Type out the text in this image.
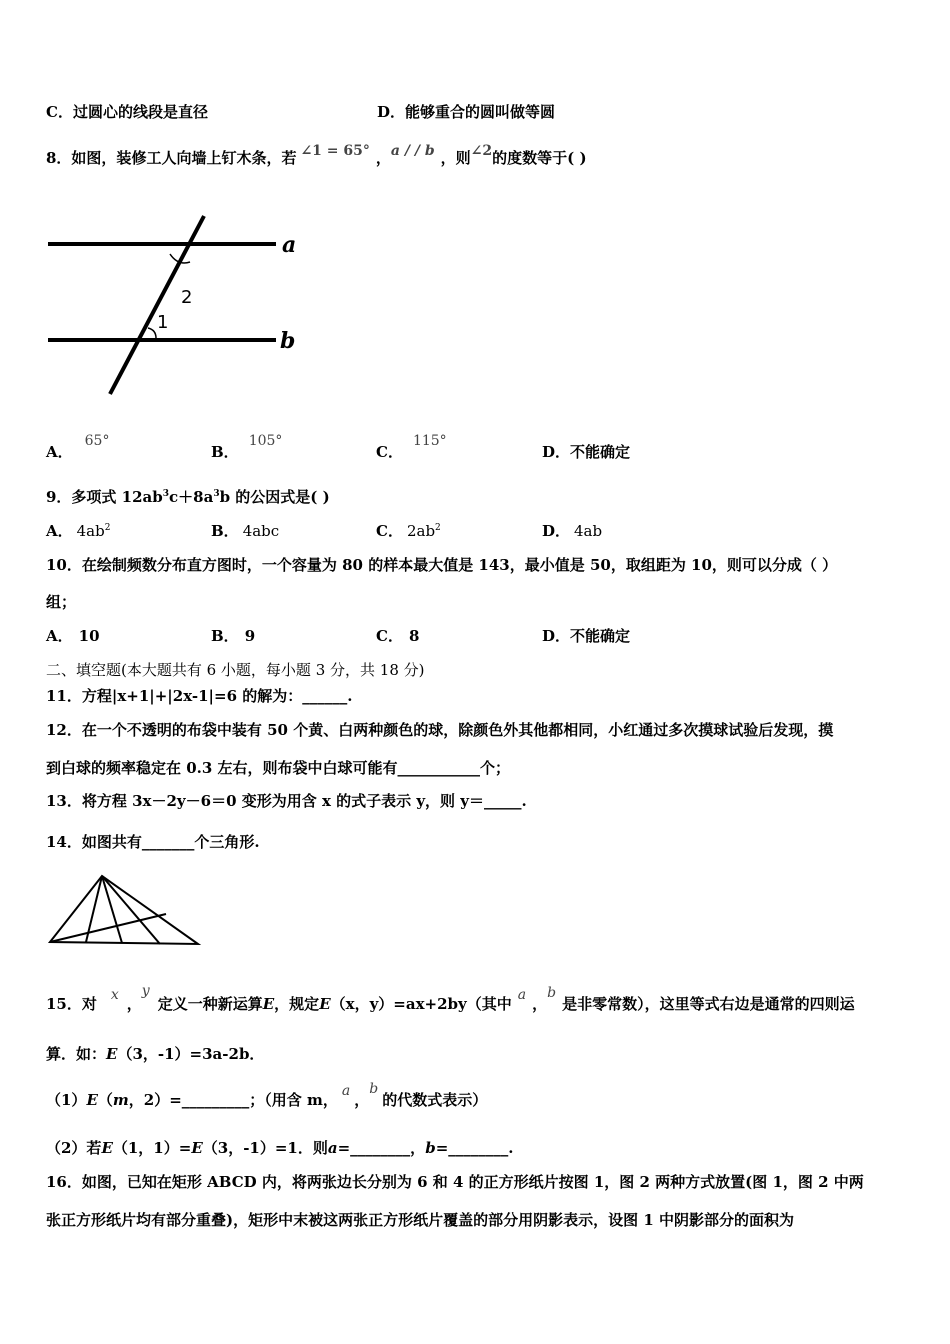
C．过圆心的线段是直径	D．能够重合的圆叫做等圆
8．如图，装修工人向墙上钉木条，若 ∠1 = 65° ，a / / b ，则∠2的度数等于( )
a
b
2
1
A．65°
B．105°
C．115°
D．不能确定
9．多项式 $12ab^3c+8a^3b$ 的公因式是( )
A． $4ab^2$	B． 4abc	C． $2ab^2$	D． 4ab
10．在绘制频数分布直方图时，一个容量为 80 的样本最大值是 143，最小值是 50，取组距为 10，则可以分成（ ）
组；
A． 10	B． 9	C． 8	D．不能确定
二、填空题(本大题共有 6 小题，每小题 3 分，共 18 分)
11．方程|x+1|+|2x-1|=6 的解为：______.
12．在一个不透明的布袋中装有 50 个黄、白两种颜色的球，除颜色外其他都相同，小红通过多次摸球试验后发现，摸
到白球的频率稳定在 0.3 左右，则布袋中白球可能有___________个；
13．将方程 3x－2y－6＝0 变形为用含 x 的式子表示 y，则 y＝_____.
14．如图共有_______个三角形.
15．对 x ，y定义一种新运算E，规定E（x，y）=ax+2by（其中 a ，b是非零常数），这里等式右边是通常的四则运
算．如：E（3，-1）=3a-2b．
（1）E（m，2）=_________；（用含 m， a ，b的代数式表示）
（2）若E（1，1）=E（3，-1）=1．则a=________，b=________.
16．如图，已知在矩形 ABCD 内，将两张边长分别为 6 和 4 的正方形纸片按图 1，图 2 两种方式放置(图 1，图 2 中两
张正方形纸片均有部分重叠)，矩形中末被这两张正方形纸片覆盖的部分用阴影表示，设图 1 中阴影部分的面积为
